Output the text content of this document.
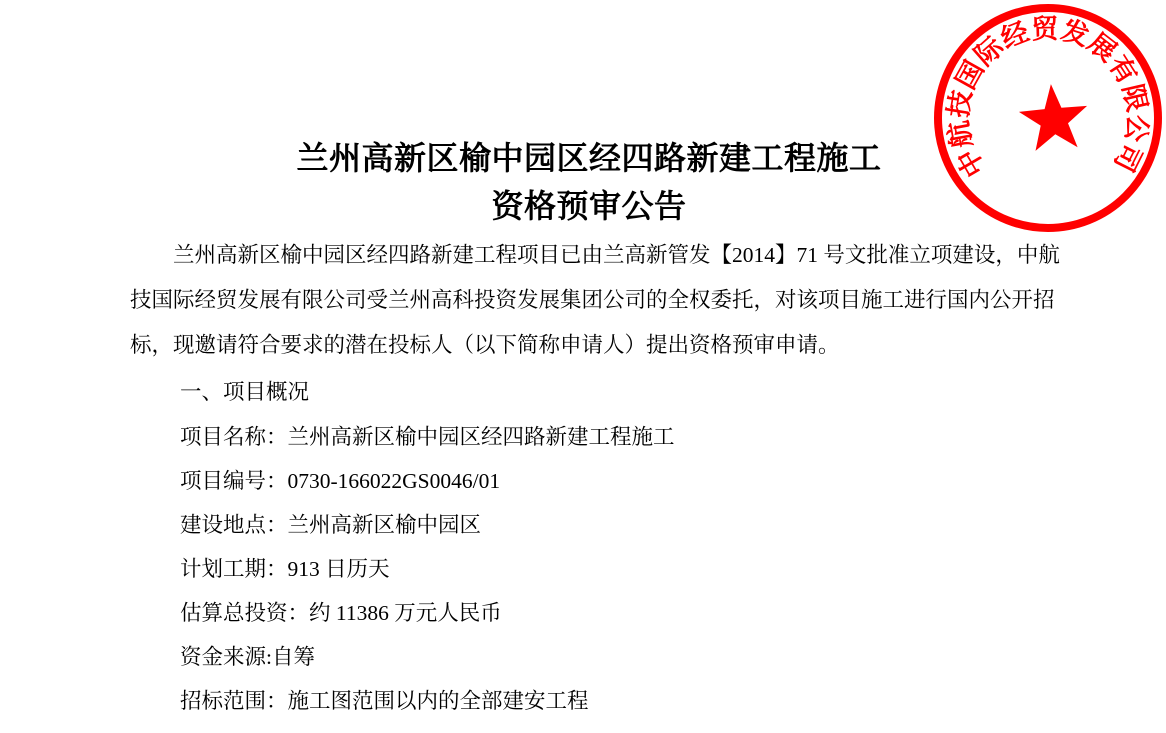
中航技国际经贸发展有限公司
兰州高新区榆中园区经四路新建工程施工
资格预审公告
兰州高新区榆中园区经四路新建工程项目已由兰高新管发【2014】71 号文批准立项建设，中航
技国际经贸发展有限公司受兰州高科投资发展集团公司的全权委托，对该项目施工进行国内公开招
标，现邀请符合要求的潜在投标人（以下简称申请人）提出资格预审申请。
一、项目概况
项目名称：兰州高新区榆中园区经四路新建工程施工
项目编号：0730-166022GS0046/01
建设地点：兰州高新区榆中园区
计划工期：913 日历天
估算总投资：约 11386 万元人民币
资金来源:自筹
招标范围：施工图范围以内的全部建安工程
